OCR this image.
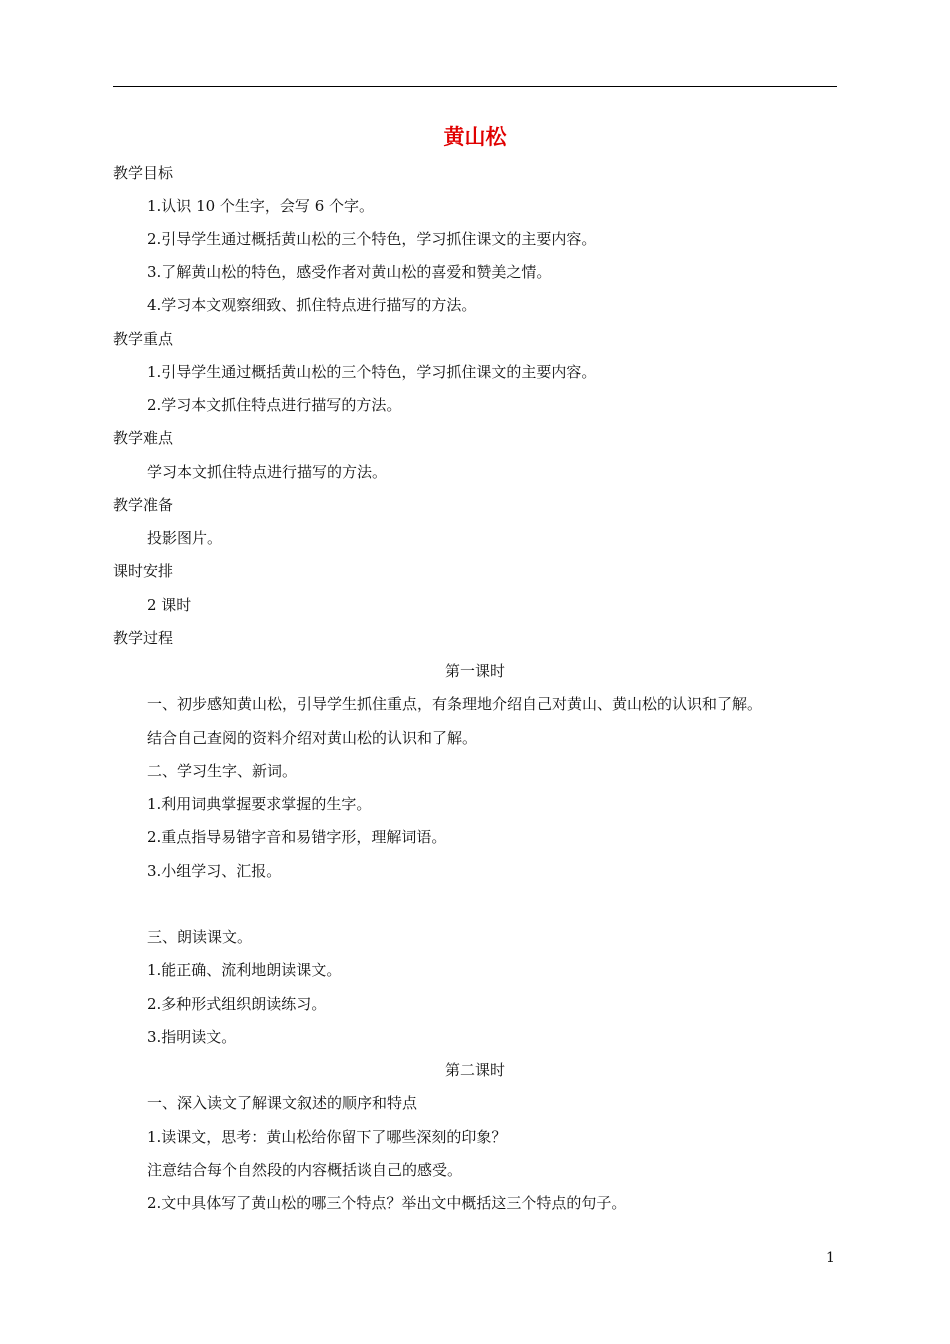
黄山松
教学目标
1.认识 10 个生字，会写 6 个字。
2.引导学生通过概括黄山松的三个特色，学习抓住课文的主要内容。
3.了解黄山松的特色，感受作者对黄山松的喜爱和赞美之情。
4.学习本文观察细致、抓住特点进行描写的方法。
教学重点
1.引导学生通过概括黄山松的三个特色，学习抓住课文的主要内容。
2.学习本文抓住特点进行描写的方法。
教学难点
学习本文抓住特点进行描写的方法。
教学准备
投影图片。
课时安排
2 课时
教学过程
第一课时
一、初步感知黄山松，引导学生抓住重点，有条理地介绍自己对黄山、黄山松的认识和了解。
结合自己查阅的资料介绍对黄山松的认识和了解。
二、学习生字、新词。
1.利用词典掌握要求掌握的生字。
2.重点指导易错字音和易错字形，理解词语。
3.小组学习、汇报。
三、朗读课文。
1.能正确、流利地朗读课文。
2.多种形式组织朗读练习。
3.指明读文。
第二课时
一、深入读文了解课文叙述的顺序和特点
1.读课文，思考：黄山松给你留下了哪些深刻的印象？
注意结合每个自然段的内容概括谈自己的感受。
2.文中具体写了黄山松的哪三个特点？举出文中概括这三个特点的句子。
1
